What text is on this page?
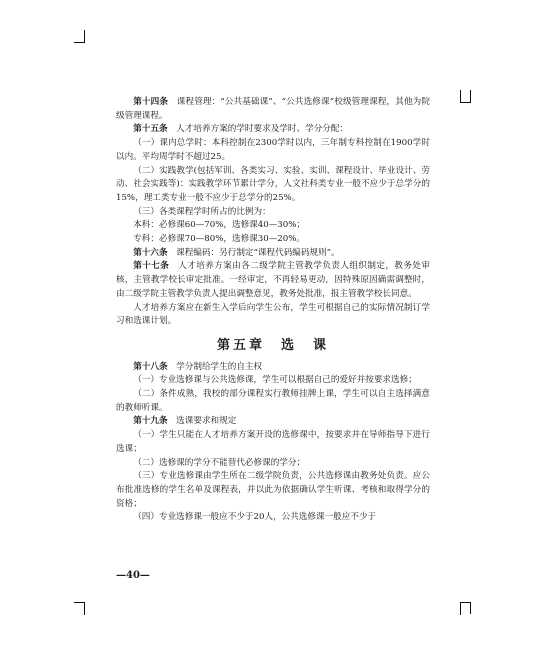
第十四条　课程管理：“公共基础课”、“公共选修课”校级管理课程，其他为院级管理课程。

第十五条　人才培养方案的学时要求及学时、学分分配：

（一）课内总学时：本科控制在2300学时以内，三年制专科控制在1900学时以内。平均周学时不超过25。

（二）实践教学(包括军训、各类实习、实验、实训、课程设计、毕业设计、劳动、社会实践等)：实践教学环节累计学分，人文社科类专业一般不应少于总学分的15%，理工类专业一般不应少于总学分的25%。

（三）各类课程学时所占的比例为：

本科：必修课60—70%，选修课40—30%；

专科：必修课70—80%，选修课30—20%。

第十六条　课程编码：另行制定“课程代码编码规则”。

第十七条　人才培养方案由各二级学院主管教学负责人组织制定，教务处审核，主管教学校长审定批准。一经审定，不再轻易更动，因特殊原因确需调整时，由二级学院主管教学负责人提出调整意见，教务处批准，报主管教学校长同意。

人才培养方案应在新生入学后向学生公布，学生可根据自己的实际情况制订学习和选课计划。

第五章　选　课

第十八条　学分制给学生的自主权

（一）专业选修课与公共选修课，学生可以根据自己的爱好并按要求选修；

（二）条件成熟，我校的部分课程实行教师挂牌上课，学生可以自主选择满意的教师听课。

第十九条　选课要求和规定

（一）学生只能在人才培养方案开设的选修课中，按要求并在导师指导下进行选课；

（二）选修课的学分不能替代必修课的学分；

（三）专业选修课由学生所在二级学院负责，公共选修课由教务处负责。应公布批准选修的学生名单及课程表，并以此为依据确认学生听课、考核和取得学分的资格；

（四）专业选修课一般应不少于20人，公共选修课一般应不少于

—40—
